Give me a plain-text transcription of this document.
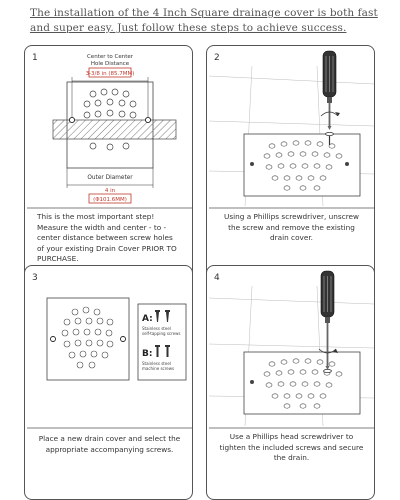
The installation of the 4 Inch Square drainage cover is both fast
and super easy. Just follow these steps to achieve success.
1	Center to Center
Hole Distance
3-3/8 in (85.7MM)
Outer Diameter
4 in
(Φ101.6MM)
This is the most important step! Measure the width and center - to - center distance between screw holes of your existing Drain Cover PRIOR TO PURCHASE.
2
Using a Phillips screwdriver, unscrew the screw and remove the existing drain cover.
3
A:
Stainless steel
self-tapping screws
B:
Stainless steel
machine screws
Place a new drain cover and select the appropriate accompanying screws.
4
Use a Phillips head screwdriver to tighten the included screws and secure the drain.
